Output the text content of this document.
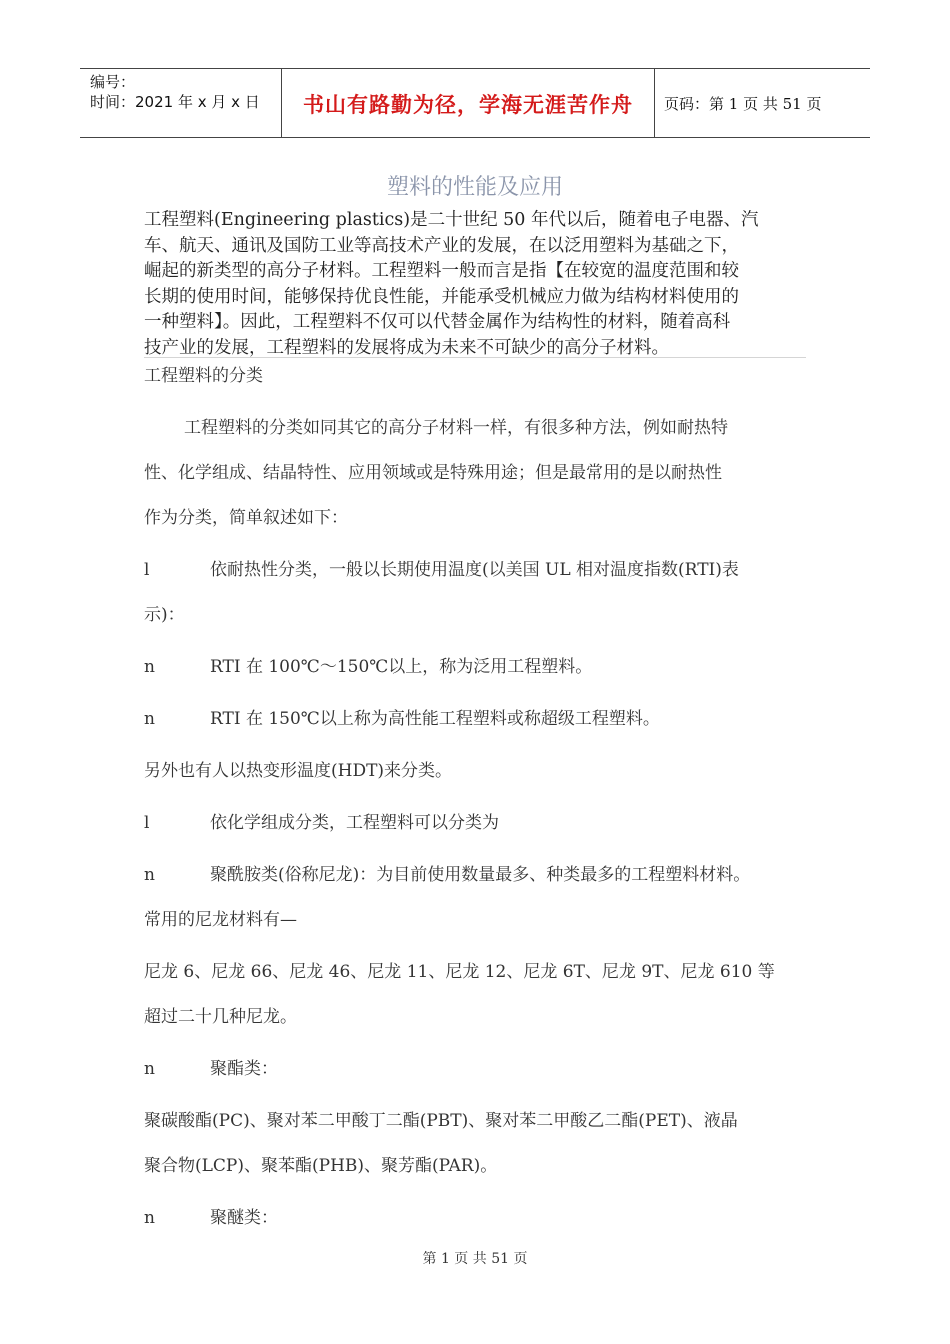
编号：
时间：2021 年 x 月 x 日	书山有路勤为径，学海无涯苦作舟	页码：第 1 页 共 51 页
塑料的性能及应用
工程塑料(Engineering plastics)是二十世纪 50 年代以后，随着电子电器、汽
车、航天、通讯及国防工业等高技术产业的发展，在以泛用塑料为基础之下，
崛起的新类型的高分子材料。工程塑料一般而言是指【在较宽的温度范围和较
长期的使用时间，能够保持优良性能，并能承受机械应力做为结构材料使用的
一种塑料】。因此，工程塑料不仅可以代替金属作为结构性的材料，随着高科
技产业的发展，工程塑料的发展将成为未来不可缺少的高分子材料。
工程塑料的分类
工程塑料的分类如同其它的高分子材料一样，有很多种方法，例如耐热特
性、化学组成、结晶特性、应用领域或是特殊用途；但是最常用的是以耐热性
作为分类，简单叙述如下：
l	依耐热性分类，一般以长期使用温度(以美国 UL 相对温度指数(RTI)表
示)：
n	RTI 在 100℃～150℃以上，称为泛用工程塑料。
n	RTI 在 150℃以上称为高性能工程塑料或称超级工程塑料。
另外也有人以热变形温度(HDT)来分类。
l	依化学组成分类，工程塑料可以分类为
n	聚酰胺类(俗称尼龙)：为目前使用数量最多、种类最多的工程塑料材料。
常用的尼龙材料有—
尼龙 6、尼龙 66、尼龙 46、尼龙 11、尼龙 12、尼龙 6T、尼龙 9T、尼龙 610 等
超过二十几种尼龙。
n	聚酯类：
聚碳酸酯(PC)、聚对苯二甲酸丁二酯(PBT)、聚对苯二甲酸乙二酯(PET)、液晶
聚合物(LCP)、聚苯酯(PHB)、聚芳酯(PAR)。
n	聚醚类：
第 1 页 共 51 页
